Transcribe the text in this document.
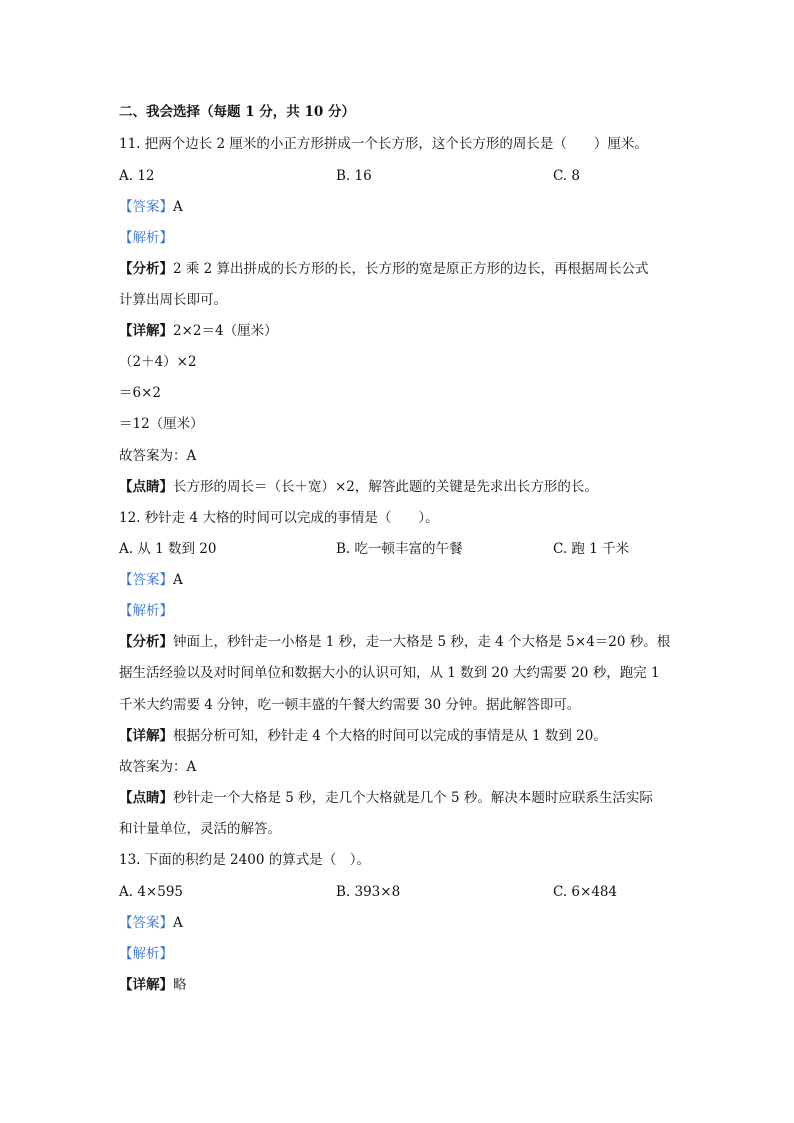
二、我会选择（每题 1 分，共 10 分）
11. 把两个边长 2 厘米的小正方形拼成一个长方形，这个长方形的周长是（　　）厘米。
A. 12	B. 16	C. 8
【答案】A
【解析】
【分析】2 乘 2 算出拼成的长方形的长，长方形的宽是原正方形的边长，再根据周长公式
计算出周长即可。
【详解】2×2＝4（厘米）
（2＋4）×2
＝6×2
＝12（厘米）
故答案为：A
【点睛】长方形的周长＝（长＋宽）×2，解答此题的关键是先求出长方形的长。
12. 秒针走 4 大格的时间可以完成的事情是（　　）。
A. 从 1 数到 20	B. 吃一顿丰富的午餐	C. 跑 1 千米
【答案】A
【解析】
【分析】钟面上，秒针走一小格是 1 秒，走一大格是 5 秒，走 4 个大格是 5×4＝20 秒。根
据生活经验以及对时间单位和数据大小的认识可知，从 1 数到 20 大约需要 20 秒，跑完 1
千米大约需要 4 分钟，吃一顿丰盛的午餐大约需要 30 分钟。据此解答即可。
【详解】根据分析可知，秒针走 4 个大格的时间可以完成的事情是从 1 数到 20。
故答案为：A
【点睛】秒针走一个大格是 5 秒，走几个大格就是几个 5 秒。解决本题时应联系生活实际
和计量单位，灵活的解答。
13. 下面的积约是 2400 的算式是（　）。
A. 4×595	B. 393×8	C. 6×484
【答案】A
【解析】
【详解】略
